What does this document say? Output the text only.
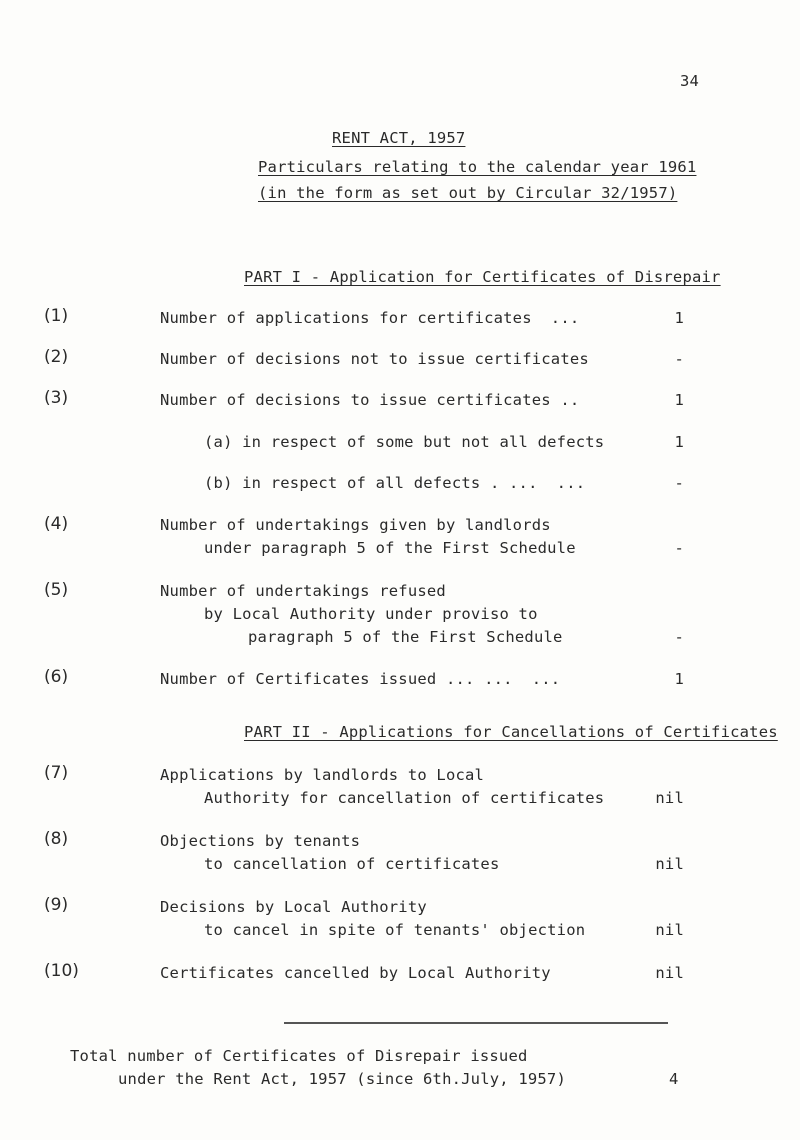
34
RENT ACT, 1957
Particulars relating to the calendar year 1961
(in the form as set out by Circular 32/1957)
PART I - Application for Certificates of Disrepair
(1)	Number of applications for certificates  ...	1
(2)	Number of decisions not to issue certificates	-
(3)	Number of decisions to issue certificates ..	1
(a) in respect of some but not all defects	1
(b) in respect of all defects . ...  ...	-
(4)	Number of undertakings given by landlords
under paragraph 5 of the First Schedule	-
(5)	Number of undertakings refused
by Local Authority under proviso to
paragraph 5 of the First Schedule	-
(6)	Number of Certificates issued ... ...  ...	1
PART II - Applications for Cancellations of Certificates
(7)	Applications by landlords to Local
Authority for cancellation of certificates	nil
(8)	Objections by tenants
to cancellation of certificates	nil
(9)	Decisions by Local Authority
to cancel in spite of tenants' objection	nil
(10)	Certificates cancelled by Local Authority	nil
Total number of Certificates of Disrepair issued
under the Rent Act, 1957 (since 6th.July, 1957)	4
